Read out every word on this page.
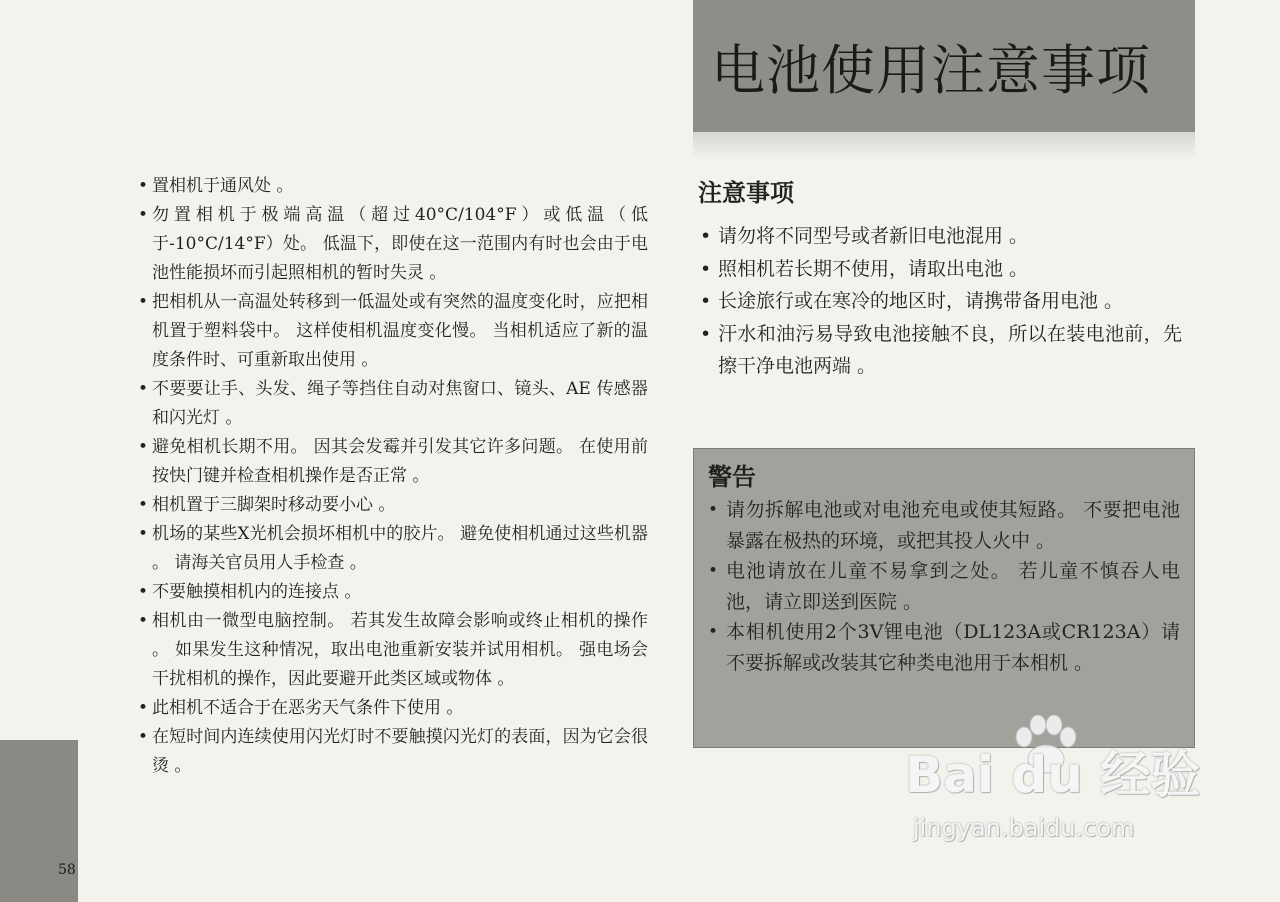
电池使用注意事项
• 置相机于通风处 。
• 勿置相机于极端高温（超过40°C/104°F）或低温（低于-10°C/14°F）处。 低温下，即使在这一范围内有时也会由于电池性能损坏而引起照相机的暂时失灵 。
• 把相机从一高温处转移到一低温处或有突然的温度变化时，应把相机置于塑料袋中。 这样使相机温度变化慢。 当相机适应了新的温度条件时、可重新取出使用 。
• 不要要让手、头发、绳子等挡住自动对焦窗口、镜头、AE 传感器和闪光灯 。
• 避免相机长期不用。 因其会发霉并引发其它许多问题。 在使用前按快门键并检查相机操作是否正常 。
• 相机置于三脚架时移动要小心 。
• 机场的某些X光机会损坏相机中的胶片。 避免使相机通过这些机器 。 请海关官员用人手检查 。
• 不要触摸相机内的连接点 。
• 相机由一微型电脑控制。 若其发生故障会影响或终止相机的操作 。 如果发生这种情况，取出电池重新安装并试用相机。 强电场会干扰相机的操作，因此要避开此类区域或物体 。
• 此相机不适合于在恶劣天气条件下使用 。
• 在短时间内连续使用闪光灯时不要触摸闪光灯的表面，因为它会很烫 。
注意事项
• 请勿将不同型号或者新旧电池混用 。
• 照相机若长期不使用，请取出电池 。
• 长途旅行或在寒冷的地区时，请携带备用电池 。
• 汗水和油污易导致电池接触不良，所以在装电池前，先擦干净电池两端 。
警告
• 请勿拆解电池或对电池充电或使其短路。 不要把电池暴露在极热的环境，或把其投人火中 。
• 电池请放在儿童不易拿到之处。 若儿童不慎吞人电池，请立即送到医院 。
• 本相机使用2个3V锂电池（DL123A或CR123A）请不要拆解或改装其它种类电池用于本相机 。
58
Bai du 经验
jingyan.baidu.com
